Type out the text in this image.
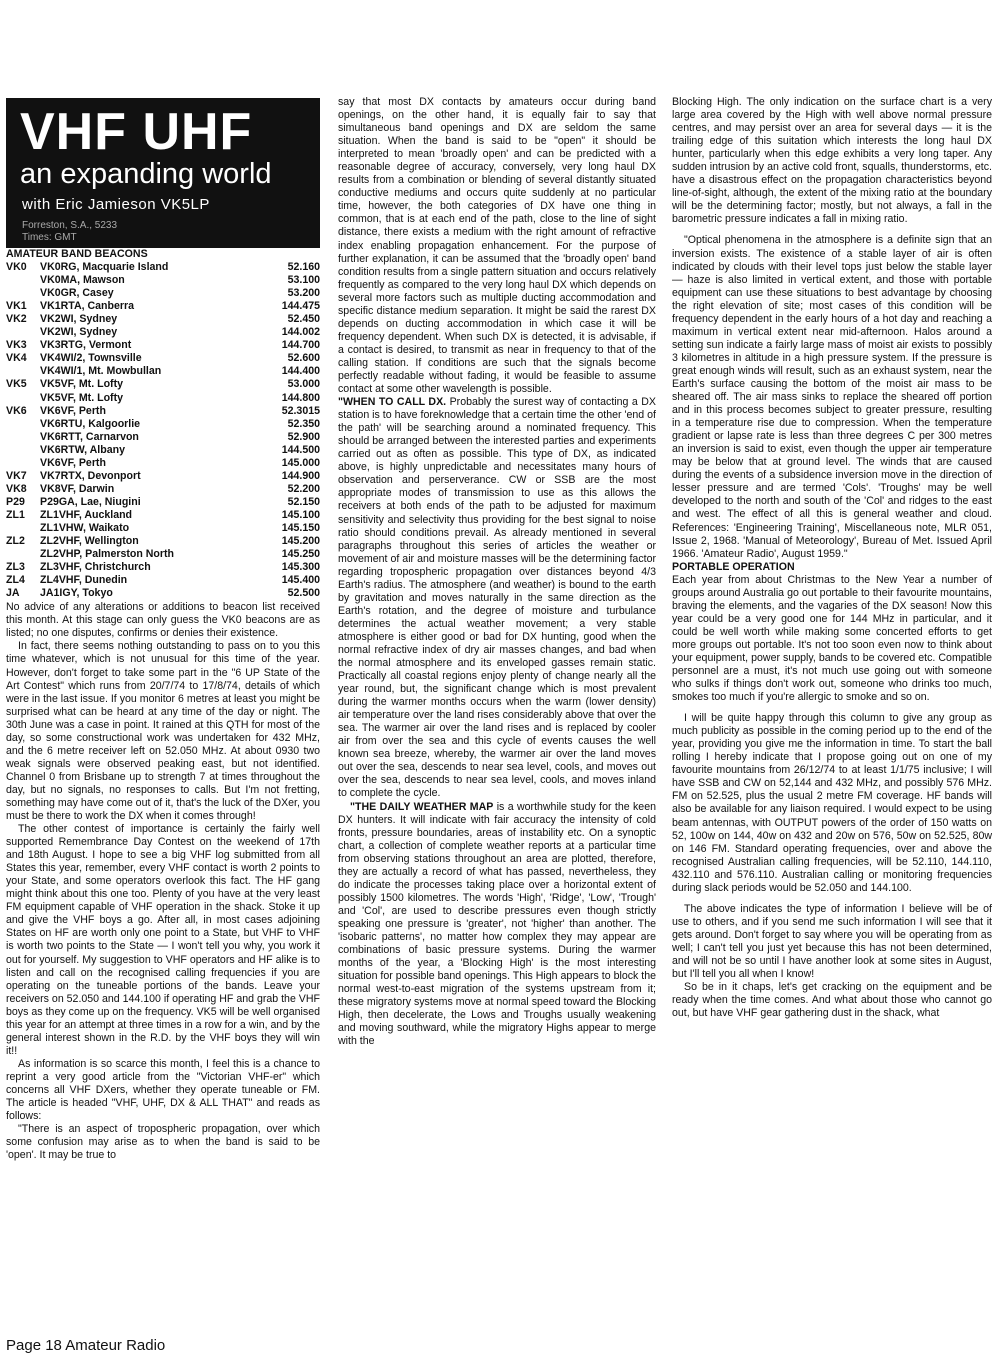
VHF UHF
an expanding world
with Eric Jamieson VK5LP
Forreston, S.A., 5233
Times: GMT
AMATEUR BAND BEACONS
VK0	VK0RG, Macquarie Island	52.160
	VK0MA, Mawson	53.100
	VK0GR, Casey	53.200
VK1	VK1RTA, Canberra	144.475
VK2	VK2WI, Sydney	52.450
	VK2WI, Sydney	144.002
VK3	VK3RTG, Vermont	144.700
VK4	VK4WI/2, Townsville	52.600
	VK4WI/1, Mt. Mowbullan	144.400
VK5	VK5VF, Mt. Lofty	53.000
	VK5VF, Mt. Lofty	144.800
VK6	VK6VF, Perth	52.3015
	VK6RTU, Kalgoorlie	52.350
	VK6RTT, Carnarvon	52.900
	VK6RTW, Albany	144.500
	VK6VF, Perth	145.000
VK7	VK7RTX, Devonport	144.900
VK8	VK8VF, Darwin	52.200
P29	P29GA, Lae, Niugini	52.150
ZL1	ZL1VHF, Auckland	145.100
	ZL1VHW, Waikato	145.150
ZL2	ZL2VHF, Wellington	145.200
	ZL2VHP, Palmerston North	145.250
ZL3	ZL3VHF, Christchurch	145.300
ZL4	ZL4VHF, Dunedin	145.400
JA	JA1IGY, Tokyo	52.500

No advice of any alterations or additions to beacon list received this month. At this stage can only guess the VK0 beacons are as listed; no one disputes, confirms or denies their existence.

In fact, there seems nothing outstanding to pass on to you this time whatever, which is not unusual for this time of the year. However, don't forget to take some part in the "6 UP State of the Art Contest" which runs from 20/7/74 to 17/8/74, details of which were in the last issue. If you monitor 6 metres at least you might be surprised what can be heard at any time of the day or night. The 30th June was a case in point. It rained at this QTH for most of the day, so some constructional work was undertaken for 432 MHz, and the 6 metre receiver left on 52.050 MHz. At about 0930 two weak signals were observed peaking east, but not identified. Channel 0 from Brisbane up to strength 7 at times throughout the day, but no signals, no responses to calls. But I'm not fretting, something may have come out of it, that's the luck of the DXer, you must be there to work the DX when it comes through!

The other contest of importance is certainly the fairly well supported Remembrance Day Contest on the weekend of 17th and 18th August. I hope to see a big VHF log submitted from all States this year, remember, every VHF contact is worth 2 points to your State, and some operators overlook this fact. The HF gang might think about this one too. Plenty of you have at the very least FM equipment capable of VHF operation in the shack. Stoke it up and give the VHF boys a go. After all, in most cases adjoining States on HF are worth only one point to a State, but VHF to VHF is worth two points to the State — I won't tell you why, you work it out for yourself. My suggestion to VHF operators and HF alike is to listen and call on the recognised calling frequencies if you are operating on the tuneable portions of the bands. Leave your receivers on 52.050 and 144.100 if operating HF and grab the VHF boys as they come up on the frequency. VK5 will be well organised this year for an attempt at three times in a row for a win, and by the general interest shown in the R.D. by the VHF boys they will win it!!

As information is so scarce this month, I feel this is a chance to reprint a very good article from the "Victorian VHF-er" which concerns all VHF DXers, whether they operate tuneable or FM. The article is headed "VHF, UHF, DX & ALL THAT" and reads as follows:

"There is an aspect of tropospheric propagation, over which some confusion may arise as to when the band is said to be 'open'. It may be true to

say that most DX contacts by amateurs occur during band openings, on the other hand, it is equally fair to say that simultaneous band openings and DX are seldom the same situation. When the band is said to be "open" it should be interpreted to mean 'broadly open' and can be predicted with a reasonable degree of accuracy, conversely, very long haul DX results from a combination or blending of several distantly situated conductive mediums and occurs quite suddenly at no particular time, however, the both categories of DX have one thing in common, that is at each end of the path, close to the line of sight distance, there exists a medium with the right amount of refractive index enabling propagation enhancement. For the purpose of further explanation, it can be assumed that the 'broadly open' band condition results from a single pattern situation and occurs relatively frequently as compared to the very long haul DX which depends on several more factors such as multiple ducting accommodation and specific distance medium separation. It might be said the rarest DX depends on ducting accommodation in which case it will be frequency dependent. When such DX is detected, it is advisable, if a contact is desired, to transmit as near in frequency to that of the calling station. If conditions are such that the signals become perfectly readable without fading, it would be feasible to assume contact at some other wavelength is possible.

"WHEN TO CALL DX. Probably the surest way of contacting a DX station is to have foreknowledge that a certain time the other 'end of the path' will be searching around a nominated frequency. This should be arranged between the interested parties and experiments carried out as often as possible. This type of DX, as indicated above, is highly unpredictable and necessitates many hours of observation and perserverance. CW or SSB are the most appropriate modes of transmission to use as this allows the receivers at both ends of the path to be adjusted for maximum sensitivity and selectivity thus providing for the best signal to noise ratio should conditions prevail. As already mentioned in several paragraphs throughout this series of articles the weather or movement of air and moisture masses will be the determining factor regarding tropospheric propagation over distances beyond 4/3 Earth's radius. The atmosphere (and weather) is bound to the earth by gravitation and moves naturally in the same direction as the Earth's rotation, and the degree of moisture and turbulance determines the actual weather movement; a very stable atmosphere is either good or bad for DX hunting, good when the normal refractive index of dry air masses changes, and bad when the normal atmosphere and its enveloped gasses remain static. Practically all coastal regions enjoy plenty of change nearly all the year round, but, the significant change which is most prevalent during the warmer months occurs when the warm (lower density) air temperature over the land rises considerably above that over the sea. The warmer air over the land rises and is replaced by cooler air from over the sea and this cycle of events causes the well known sea breeze, whereby, the warmer air over the land moves out over the sea, descends to near sea level, cools, and moves out over the sea, descends to near sea level, cools, and moves inland to complete the cycle.

"THE DAILY WEATHER MAP is a worthwhile study for the keen DX hunters. It will indicate with fair accuracy the intensity of cold fronts, pressure boundaries, areas of instability etc. On a synoptic chart, a collection of complete weather reports at a particular time from observing stations throughout an area are plotted, therefore, they are actually a record of what has passed, nevertheless, they do indicate the processes taking place over a horizontal extent of possibly 1500 kilometres. The words 'High', 'Ridge', 'Low', 'Trough' and 'Col', are used to describe pressures even though strictly speaking one pressure is 'greater', not 'higher' than another. The 'isobaric patterns', no matter how complex they may appear are combinations of basic pressure systems. During the warmer months of the year, a 'Blocking High' is the most interesting situation for possible band openings. This High appears to block the normal west-to-east migration of the systems upstream from it; these migratory systems move at normal speed toward the Blocking High, then decelerate, the Lows and Troughs usually weakening and moving southward, while the migratory Highs appear to merge with the

Blocking High. The only indication on the surface chart is a very large area covered by the High with well above normal pressure centres, and may persist over an area for several days — it is the trailing edge of this suitation which interests the long haul DX hunter, particularly when this edge exhibits a very long taper. Any sudden intrusion by an active cold front, squalls, thunderstorms, etc. have a disastrous effect on the propagation characteristics beyond line-of-sight, although, the extent of the mixing ratio at the boundary will be the determining factor; mostly, but not always, a fall in the barometric pressure indicates a fall in mixing ratio.

"Optical phenomena in the atmosphere is a definite sign that an inversion exists. The existence of a stable layer of air is often indicated by clouds with their level tops just below the stable layer — haze is also limited in vertical extent, and those with portable equipment can use these situations to best advantage by choosing the right elevation of site; most cases of this condition will be frequency dependent in the early hours of a hot day and reaching a maximum in vertical extent near mid-afternoon. Halos around a setting sun indicate a fairly large mass of moist air exists to possibly 3 kilometres in altitude in a high pressure system. If the pressure is great enough winds will result, such as an exhaust system, near the Earth's surface causing the bottom of the moist air mass to be sheared off. The air mass sinks to replace the sheared off portion and in this process becomes subject to greater pressure, resulting in a temperature rise due to compression. When the temperature gradient or lapse rate is less than three degrees C per 300 metres an inversion is said to exist, even though the upper air temperature may be below that at ground level. The winds that are caused during the events of a subsidence inversion move in the direction of lesser pressure and are termed 'Cols'. 'Troughs' may be well developed to the north and south of the 'Col' and ridges to the east and west. The effect of all this is general weather and cloud. References: 'Engineering Training', Miscellaneous note, MLR 051, Issue 2, 1968. 'Manual of Meteorology', Bureau of Met. Issued April 1966. 'Amateur Radio', August 1959."

PORTABLE OPERATION

Each year from about Christmas to the New Year a number of groups around Australia go out portable to their favourite mountains, braving the elements, and the vagaries of the DX season! Now this year could be a very good one for 144 MHz in particular, and it could be well worth while making some concerted efforts to get more groups out portable. It's not too soon even now to think about your equipment, power supply, bands to be covered etc. Compatible personnel are a must, it's not much use going out with someone who sulks if things don't work out, someone who drinks too much, smokes too much if you're allergic to smoke and so on.

I will be quite happy through this column to give any group as much publicity as possible in the coming period up to the end of the year, providing you give me the information in time. To start the ball rolling I hereby indicate that I propose going out on one of my favourite mountains from 26/12/74 to at least 1/1/75 inclusive; I will have SSB and CW on 52,144 and 432 MHz, and possibly 576 MHz. FM on 52.525, plus the usual 2 metre FM coverage. HF bands will also be available for any liaison required. I would expect to be using beam antennas, with OUTPUT powers of the order of 150 watts on 52, 100w on 144, 40w on 432 and 20w on 576, 50w on 52.525, 80w on 146 FM. Standard operating frequencies, over and above the recognised Australian calling frequencies, will be 52.110, 144.110, 432.110 and 576.110. Australian calling or monitoring frequencies during slack periods would be 52.050 and 144.100.

The above indicates the type of information I believe will be of use to others, and if you send me such information I will see that it gets around. Don't forget to say where you will be operating from as well; I can't tell you just yet because this has not been determined, and will not be so until I have another look at some sites in August, but I'll tell you all when I know!

So be in it chaps, let's get cracking on the equipment and be ready when the time comes. And what about those who cannot go out, but have VHF gear gathering dust in the shack, what

Page 18 Amateur Radio
